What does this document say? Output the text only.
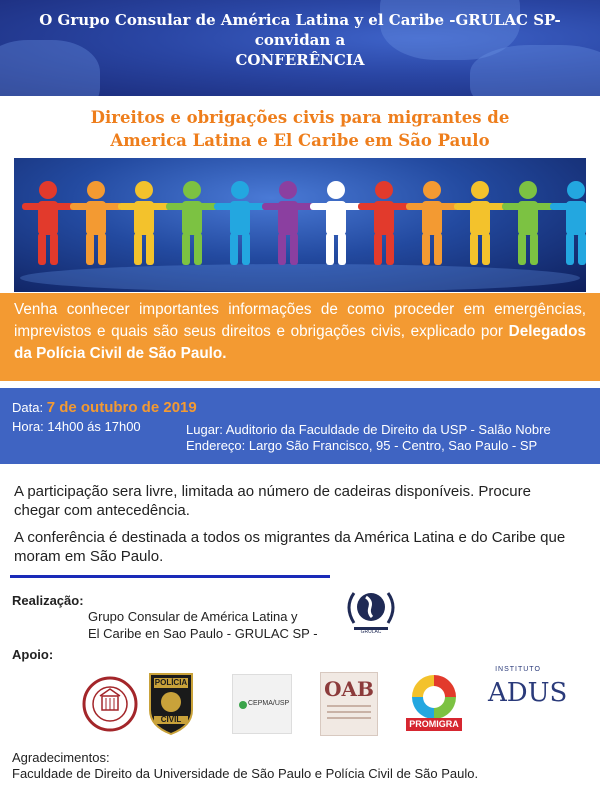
O Grupo Consular de América Latina y el Caribe -GRULAC SP-
convidan a
CONFERÊNCIA
Direitos e obrigações civis para migrantes de
America Latina e El Caribe em São Paulo
Venha conhecer importantes informações de como proceder em emergências, imprevistos e quais são seus direitos e obrigações civis, explicado por Delegados da Polícia Civil de São Paulo.
Data: 7 de outubro de 2019
Hora: 14h00 ás 17h00	Lugar: Auditorio da Faculdade de Direito da USP - Salão Nobre
Endereço: Largo São Francisco, 95 - Centro, Sao Paulo - SP
A participação sera livre, limitada ao número de cadeiras disponíveis. Procure chegar com antecedência.
A conferência é destinada a todos os migrantes da América Latina e do Caribe que moram em São Paulo.
Realização:
Grupo Consular de América Latina y
El Caribe en Sao Paulo - GRULAC SP -	GRULAC
Apoio:
POLÍCIA
CIVIL
CEPMA/USP
OAB
PROMIGRA
INSTITUTO
ADUS
Agradecimentos:
Faculdade de Direito da Universidade de São Paulo e Polícia Civil de São Paulo.
